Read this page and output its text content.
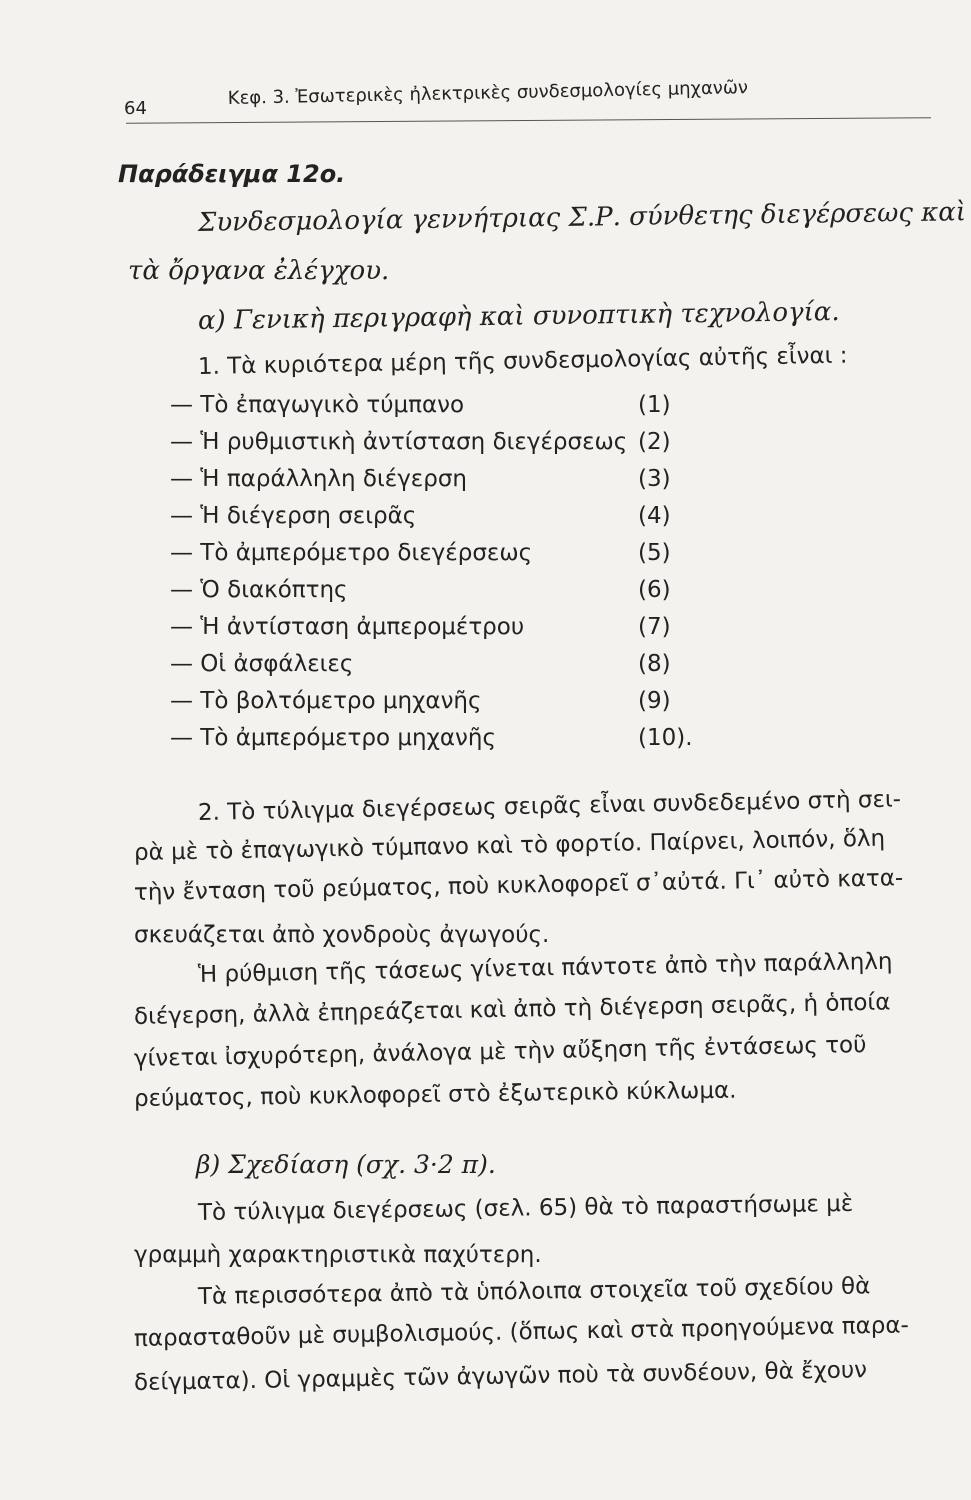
64	Κεφ. 3. Ἐσωτερικὲς ἠλεκτρικὲς συνδεσμολογίες μηχανῶν
Παράδειγμα 12ο.
Συνδεσμολογία γεννήτριας Σ.Ρ. σύνθετης διεγέρσεως καὶ
τὰ ὄργανα ἐλέγχου.
α) Γενικὴ περιγραφὴ καὶ συνοπτικὴ τεχνολογία.
1. Τὰ κυριότερα μέρη τῆς συνδεσμολογίας αὐτῆς εἶναι :
— Τὸ ἐπαγωγικὸ τύμπανο	(1)
— Ἡ ρυθμιστικὴ ἀντίσταση διεγέρσεως (2)
— Ἡ παράλληλη διέγερση	(3)
— Ἡ διέγερση σειρᾶς	(4)
— Τὸ ἀμπερόμετρο διεγέρσεως	(5)
— Ὁ διακόπτης	(6)
— Ἡ ἀντίσταση ἀμπερομέτρου	(7)
— Οἱ ἀσφάλειες	(8)
— Τὸ βολτόμετρο μηχανῆς	(9)
— Τὸ ἀμπερόμετρο μηχανῆς	(10).
2. Τὸ τύλιγμα διεγέρσεως σειρᾶς εἶναι συνδεδεμένο στὴ σει-
ρὰ μὲ τὸ ἐπαγωγικὸ τύμπανο καὶ τὸ φορτίο. Παίρνει, λοιπόν, ὅλη
τὴν ἔνταση τοῦ ρεύματος, ποὺ κυκλοφορεῖ σ᾽αὐτά. Γι᾽ αὐτὸ κατα-
σκευάζεται ἀπὸ χονδροὺς ἀγωγούς.
Ἡ ρύθμιση τῆς τάσεως γίνεται πάντοτε ἀπὸ τὴν παράλληλη
διέγερση, ἀλλὰ ἐπηρεάζεται καὶ ἀπὸ τὴ διέγερση σειρᾶς, ἡ ὁποία
γίνεται ἰσχυρότερη, ἀνάλογα μὲ τὴν αὔξηση τῆς ἐντάσεως τοῦ
ρεύματος, ποὺ κυκλοφορεῖ στὸ ἐξωτερικὸ κύκλωμα.
β) Σχεδίαση (σχ. 3·2 π).
Τὸ τύλιγμα διεγέρσεως (σελ. 65) θὰ τὸ παραστήσωμε μὲ
γραμμὴ χαρακτηριστικὰ παχύτερη.
Τὰ περισσότερα ἀπὸ τὰ ὑπόλοιπα στοιχεῖα τοῦ σχεδίου θὰ
παρασταθοῦν μὲ συμβολισμούς. (ὅπως καὶ στὰ προηγούμενα παρα-
δείγματα). Οἱ γραμμὲς τῶν ἀγωγῶν ποὺ τὰ συνδέουν, θὰ ἔχουν
